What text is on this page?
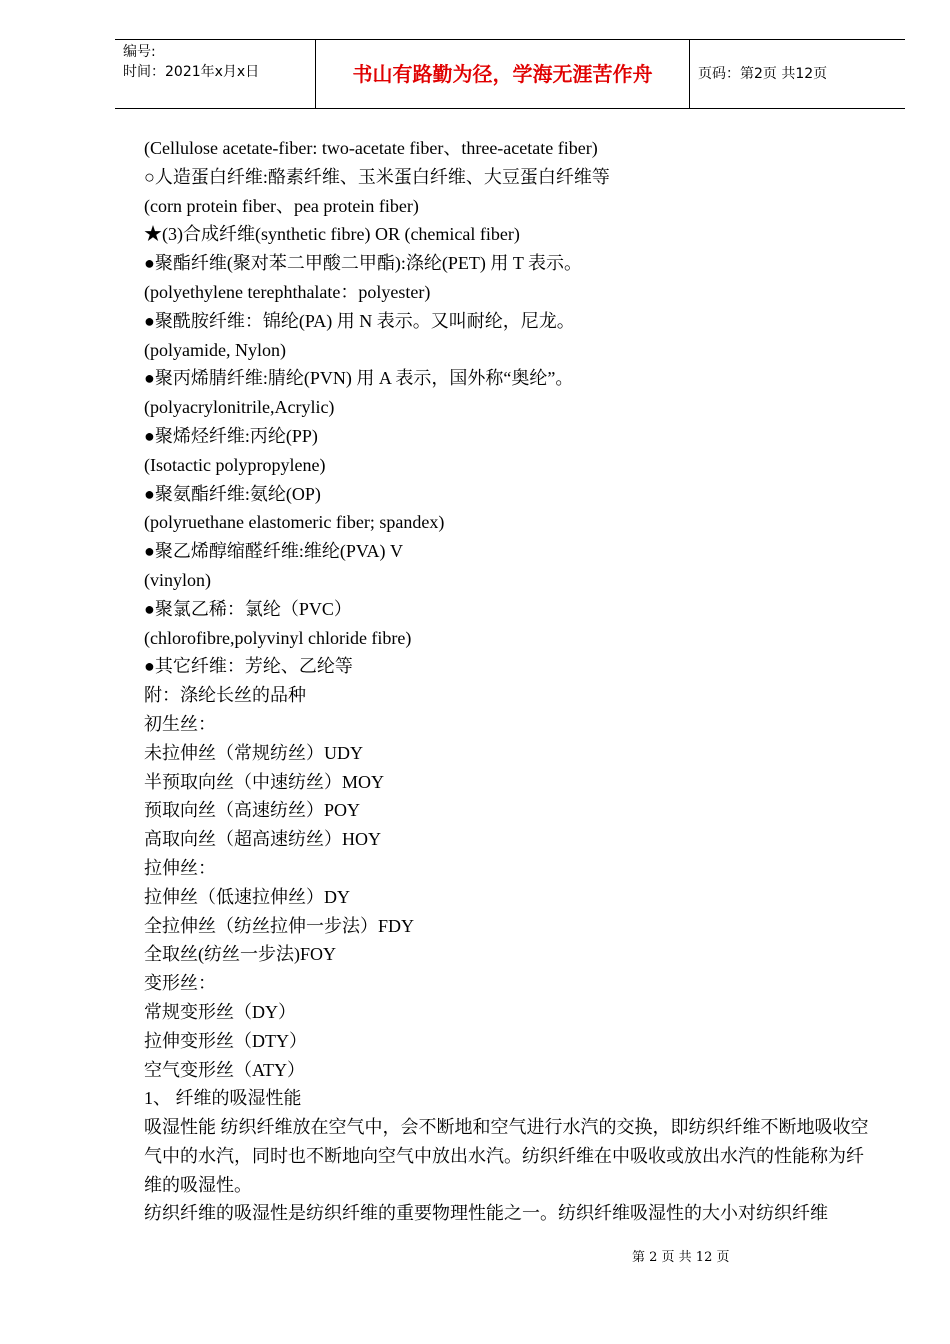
编号:
时间：2021年x月x日	书山有路勤为径，学海无涯苦作舟	页码：第2页 共12页
(Cellulose acetate-fiber: two-acetate fiber、three-acetate fiber)
○人造蛋白纤维:酪素纤维、玉米蛋白纤维、大豆蛋白纤维等
(corn protein fiber、pea protein fiber)
★(3)合成纤维(synthetic fibre) OR (chemical fiber)
●聚酯纤维(聚对苯二甲酸二甲酯):涤纶(PET) 用 T 表示。
(polyethylene terephthalate：polyester)
●聚酰胺纤维：锦纶(PA) 用 N 表示。又叫耐纶，尼龙。
(polyamide, Nylon)
●聚丙烯腈纤维:腈纶(PVN) 用 A 表示，国外称“奥纶”。
(polyacrylonitrile,Acrylic)
●聚烯烃纤维:丙纶(PP)
(Isotactic polypropylene)
●聚氨酯纤维:氨纶(OP)
(polyruethane elastomeric fiber; spandex)
●聚乙烯醇缩醛纤维:维纶(PVA) V
(vinylon)
●聚氯乙稀：氯纶（PVC）
(chlorofibre,polyvinyl chloride fibre)
●其它纤维：芳纶、乙纶等
附：涤纶长丝的品种
初生丝：
未拉伸丝（常规纺丝）UDY
半预取向丝（中速纺丝）MOY
预取向丝（高速纺丝）POY
高取向丝（超高速纺丝）HOY
拉伸丝：
拉伸丝（低速拉伸丝）DY
全拉伸丝（纺丝拉伸一步法）FDY
全取丝(纺丝一步法)FOY
变形丝：
常规变形丝（DY）
拉伸变形丝（DTY）
空气变形丝（ATY）
1、 纤维的吸湿性能
吸湿性能 纺织纤维放在空气中，会不断地和空气进行水汽的交换，即纺织纤维不断地吸收空气中的水汽，同时也不断地向空气中放出水汽。纺织纤维在中吸收或放出水汽的性能称为纤维的吸湿性。
纺织纤维的吸湿性是纺织纤维的重要物理性能之一。纺织纤维吸湿性的大小对纺织纤维
第 2 页 共 12 页
